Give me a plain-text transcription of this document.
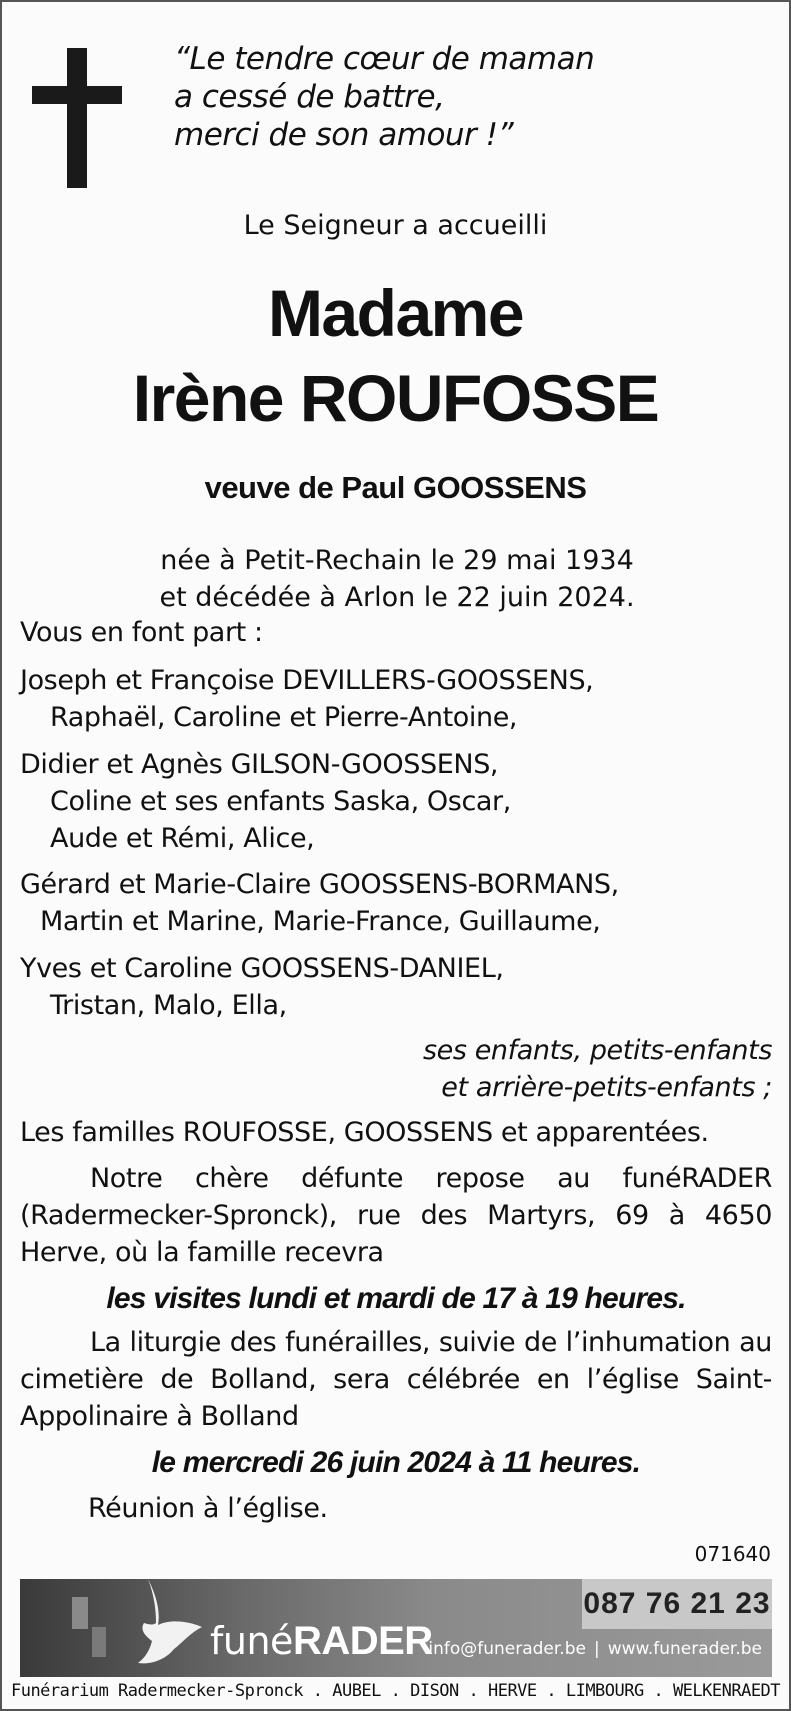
“Le tendre cœur de maman
a cessé de battre,
merci de son amour !”
Le Seigneur a accueilli
Madame
Irène ROUFOSSE
veuve de Paul GOOSSENS
née à Petit-Rechain le 29 mai 1934
et décédée à Arlon le 22 juin 2024.
Vous en font part :
Joseph et Françoise DEVILLERS-GOOSSENS,
Raphaël, Caroline et Pierre-Antoine,
Didier et Agnès GILSON-GOOSSENS,
Coline et ses enfants Saska, Oscar,
Aude et Rémi, Alice,
Gérard et Marie-Claire GOOSSENS-BORMANS,
Martin et Marine, Marie-France, Guillaume,
Yves et Caroline GOOSSENS-DANIEL,
Tristan, Malo, Ella,
ses enfants, petits-enfants
et arrière-petits-enfants ;
Les familles ROUFOSSE, GOOSSENS et apparentées.
Notre chère défunte repose au funéRADER (Radermecker-Spronck), rue des Martyrs, 69 à 4650 Herve, où la famille recevra
les visites lundi et mardi de 17 à 19 heures.
La liturgie des funérailles, suivie de l’inhumation au cimetière de Bolland, sera célébrée en l’église Saint-Appolinaire à Bolland
le mercredi 26 juin 2024 à 11 heures.
Réunion à l’église.
071640
funéRADER
087 76 21 23
info@funerader.be | www.funerader.be
Funérarium Radermecker-Spronck . AUBEL . DISON . HERVE . LIMBOURG . WELKENRAEDT
